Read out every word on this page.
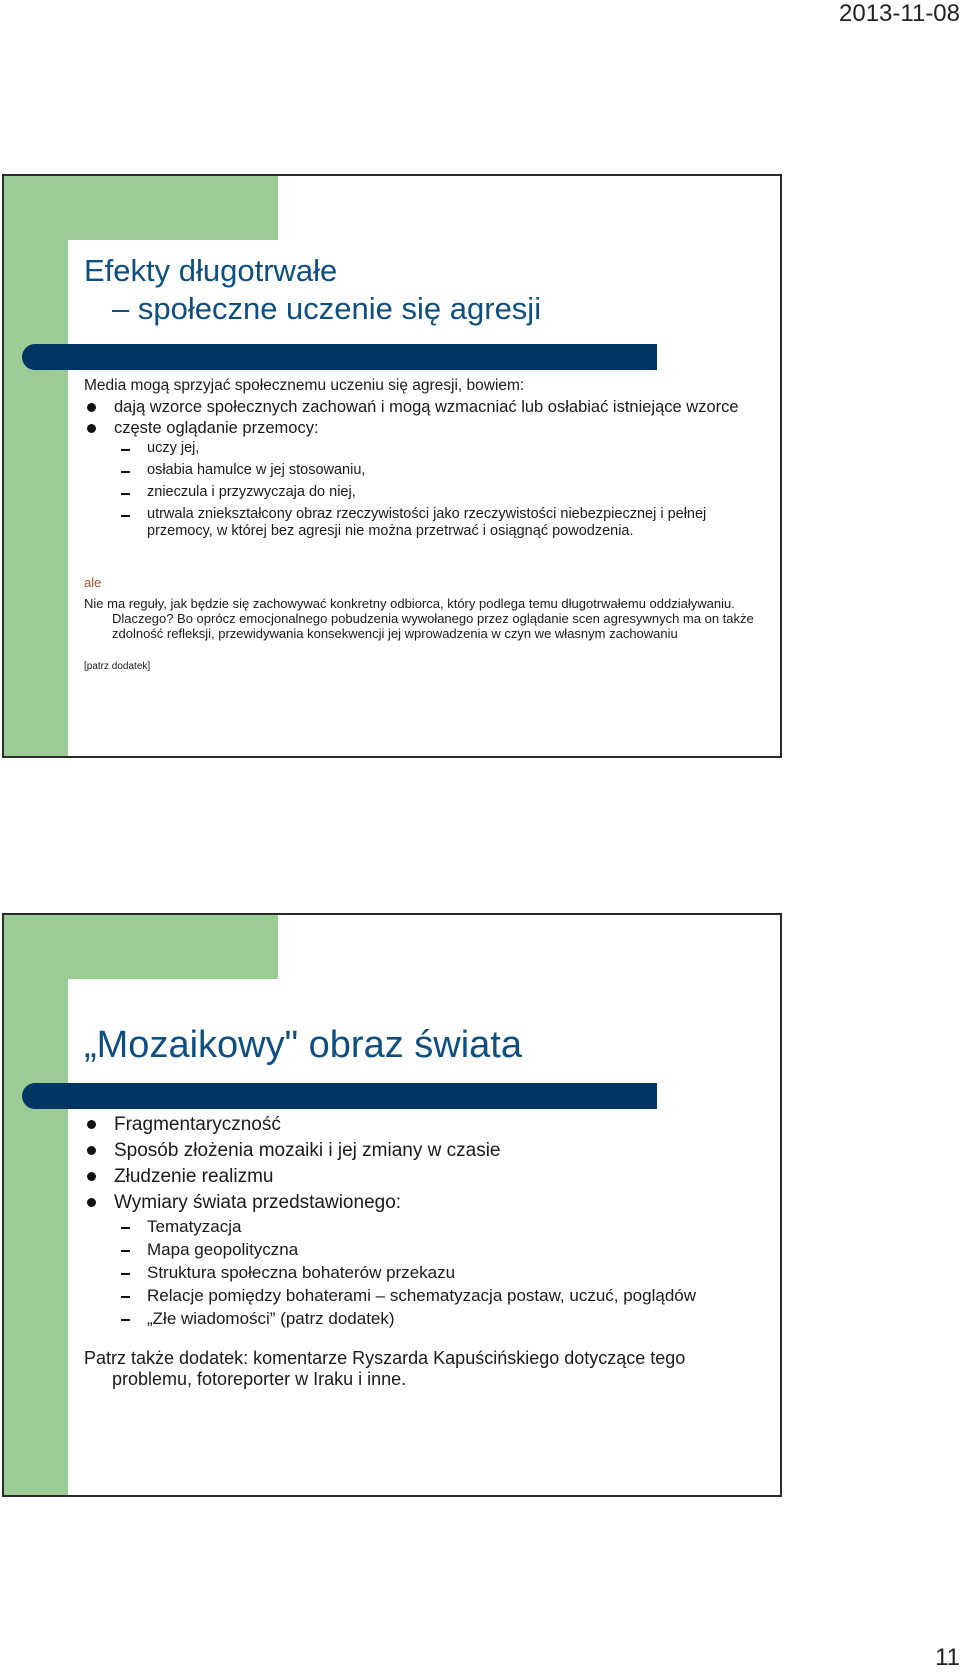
2013-11-08
Efekty długotrwałe
– społeczne uczenie się agresji

Media mogą sprzyjać społecznemu uczeniu się agresji, bowiem:

dają wzorce społecznych zachowań i mogą wzmacniać lub osłabiać istniejące wzorce
częste oglądanie przemocy:
uczy jej,
osłabia hamulce w jej stosowaniu,
znieczula i przyzwyczaja do niej,
utrwala zniekształcony obraz rzeczywistości jako rzeczywistości niebezpiecznej i pełnej przemocy, w której bez agresji nie można przetrwać i osiągnąć powodzenia.

ale

Nie ma reguły, jak będzie się zachowywać konkretny odbiorca, który podlega temu długotrwałemu oddziaływaniu. Dlaczego? Bo oprócz emocjonalnego pobudzenia wywołanego przez oglądanie scen agresywnych ma on także zdolność refleksji, przewidywania konsekwencji jej wprowadzenia w czyn we własnym zachowaniu

[patrz dodatek]

„Mozaikowy" obraz świata
Fragmentaryczność
Sposób złożenia mozaiki i jej zmiany w czasie
Złudzenie realizmu
Wymiary świata przedstawionego:
Tematyzacja
Mapa geopolityczna
Struktura społeczna bohaterów przekazu
Relacje pomiędzy bohaterami – schematyzacja postaw, uczuć, poglądów
„Złe wiadomości” (patrz dodatek)

Patrz także dodatek: komentarze Ryszarda Kapuścińskiego dotyczące tego problemu, fotoreporter w Iraku i inne.

11
